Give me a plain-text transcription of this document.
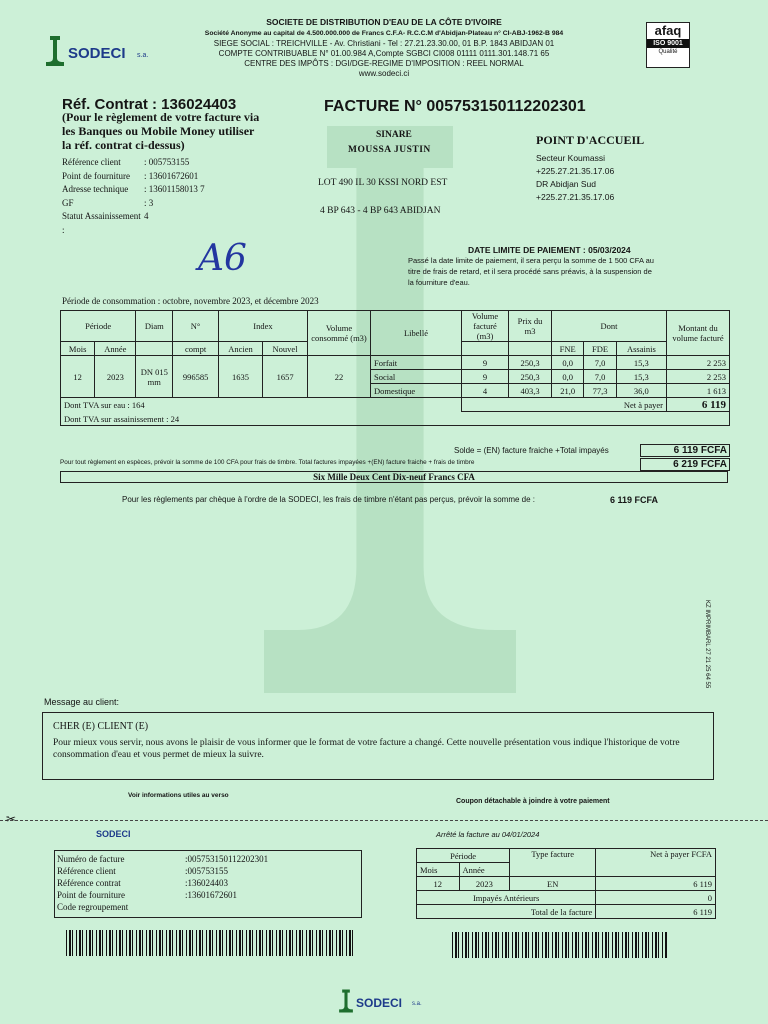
SODECI s.a.
SOCIETE DE DISTRIBUTION D'EAU DE LA CÔTE D'IVOIRE
Société Anonyme au capital de 4.500.000.000 de Francs C.F.A- R.C.C.M d'Abidjan-Plateau n° CI-ABJ-1962-B 984
SIEGE SOCIAL : TREICHVILLE - Av. Christiani - Tel : 27.21.23.30.00, 01 B.P. 1843 ABIDJAN 01
COMPTE CONTRIBUABLE N° 01.00.984 A,Compte SGBCI CI008 01111 0111.301.148.71 65
CENTRE DES IMPÔTS : DGI/DGE-REGIME D'IMPOSITION : REEL NORMAL
www.sodeci.ci
afaq
ISO 9001
Qualité
Réf. Contrat : 136024403
(Pour le règlement de votre facture via
les Banques ou Mobile Money utiliser
la réf. contrat ci-dessus)
FACTURE N° 005753150112202301
Référence client	: 005753155
Point de fourniture	: 13601672601
Adresse technique	: 13601158013 7
GF	: 3
Statut Assainissement :
4
SINARE
MOUSSA JUSTIN
LOT 490 IL 30 KSSI NORD EST
4 BP 643 - 4 BP 643 ABIDJAN
POINT D'ACCUEIL
Secteur Koumassi
+225.27.21.35.17.06
DR Abidjan Sud
+225.27.21.35.17.06
A6	DATE LIMITE DE PAIEMENT : 05/03/2024
Passé la date limite de paiement, il sera perçu la somme de 1 500 CFA au
titre de frais de retard, et il sera procédé sans préavis, à la suspension de
la fourniture d'eau.
Période de consommation : octobre, novembre 2023, et décembre 2023
Période		Diam	N°	Index		Volume consommé (m3)	Libellé	Volume facturé (m3)	Prix du m3	Dont			Montant du volume facturé

Mois	Année		compt	Ancien	Nouvel					FNE	FDE	Assainis	
12	2023	DN 015 mm	996585	1635	1657	22	Forfait	9	250,3	0,0	7,0	15,3	2 253
							Social	9	250,3	0,0	7,0	15,3	2 253
							Domestique	4	403,3	21,0	77,3	36,0	1 613
Dont TVA sur eau : 164								Net à payer					6 119
Dont TVA sur assainissement : 24													
Solde = (EN) facture fraiche +Total impayés	6 119 FCFA
Pour tout règlement en espèces, prévoir la somme de 100 CFA pour frais de timbre. Total factures impayées +(EN) facture fraiche + frais de timbre	6 219 FCFA
Six Mille Deux Cent Dix-neuf Francs CFA
Pour les règlements par chèque à l'ordre de la SODECI, les frais de timbre n'étant pas perçus, prévoir la somme de :	6 119 FCFA
KZ IMPRIMBARL 27 21 25 64 55
Message au client:
CHER (E) CLIENT (E)
Pour mieux vous servir, nous avons le plaisir de vous informer que le format de votre facture a changé. Cette nouvelle présentation vous indique l'historique de votre consommation d'eau et vous permet de mieux la suivre.
Voir informations utiles au verso
Coupon détachable à joindre à votre paiement
✂
SODECI	Arrêté la facture au 04/01/2024
Numéro de facture	:005753150112202301
Référence client	:005753155
Référence contrat	:136024403
Point de fourniture	:13601672601
Code regroupement
Période		Type facture	Net à payer FCFA
Mois	Année		
12	2023	EN	6 119
Impayés Antérieurs			0
Total de la facture			6 119
SODECI s.a.
